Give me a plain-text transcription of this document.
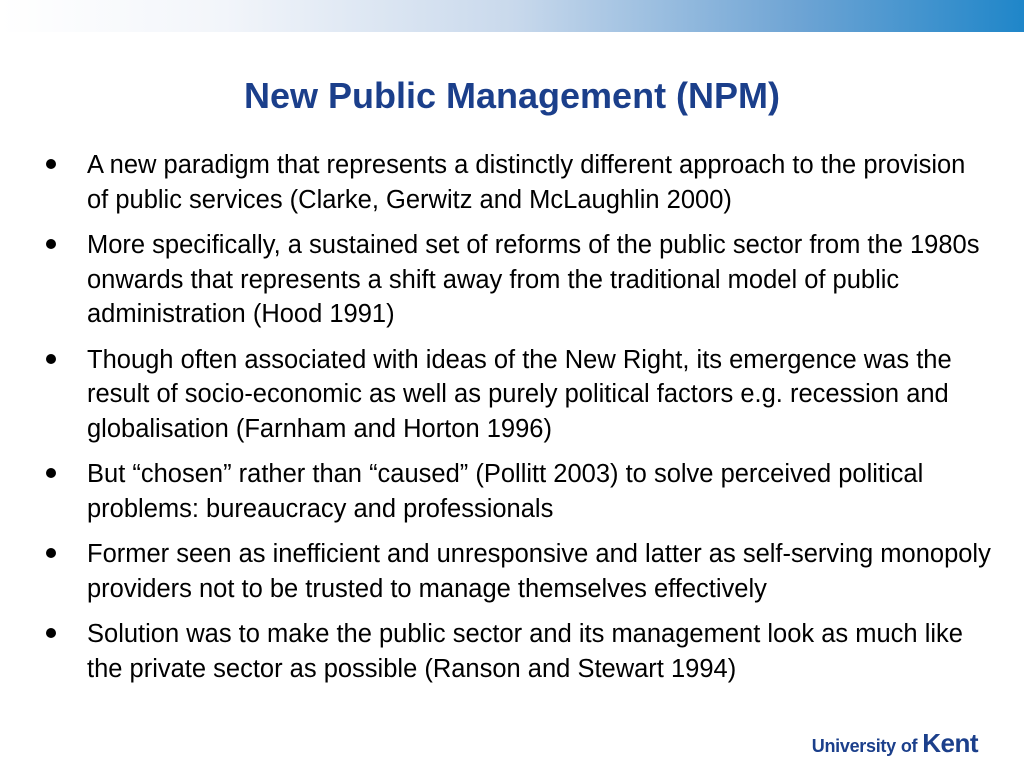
New Public Management (NPM)
A new paradigm that represents a distinctly different approach to the provision of public services (Clarke, Gerwitz and McLaughlin 2000)
More specifically, a sustained set of reforms of the public sector from the 1980s onwards that represents a shift away from the traditional model of public administration (Hood 1991)
Though often associated with ideas of the New Right, its emergence was the result of socio-economic as well as purely political factors e.g. recession and globalisation (Farnham and Horton 1996)
But “chosen” rather than “caused” (Pollitt 2003) to solve perceived political problems: bureaucracy and professionals
Former seen as inefficient and unresponsive and latter as self-serving monopoly providers not to be trusted to manage themselves effectively
Solution was to make the public sector and its management look as much like the private sector as possible (Ranson and Stewart 1994)
University of Kent
